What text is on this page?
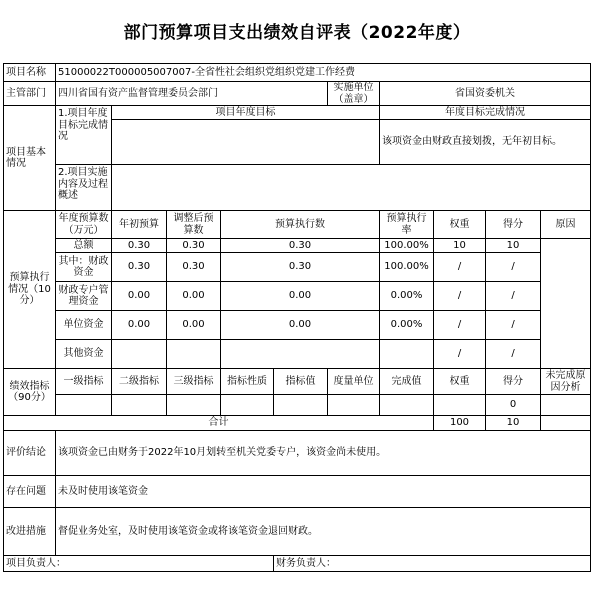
部门预算项目支出绩效自评表（2022年度）
项目名称	51000022T000005007007-全省性社会组织党组织党建工作经费									
主管部门	四川省国有资产监督管理委员会部门					实施单位（盖章）	省国资委机关			
项目基本情况	1.项目年度目标完成情况	项目年度目标					年度目标完成情况			
							该项资金由财政直接划拨，无年初目标。			
	2.项目实施内容及过程概述									
预算执行情况（10分）	年度预算数（万元）	年初预算	调整后预算数	预算执行数			预算执行率	权重	得分	原因
	总额	0.30	0.30	0.30			100.00%	10	10	
	其中：财政资金	0.30	0.30	0.30			100.00%	/	/	
	财政专户管理资金	0.00	0.00	0.00			0.00%	/	/	
	单位资金	0.00	0.00	0.00			0.00%	/	/	
	其他资金							/	/	
绩效指标（90分）	一级指标	二级指标	三级指标	指标性质	指标值	度量单位	完成值	权重	得分	未完成原因分析
									0	
合计								100	10	
评价结论	该项资金已由财务于2022年10月划转至机关党委专户，该资金尚未使用。									
存在问题	未及时使用该笔资金									
改进措施	督促业务处室，及时使用该笔资金或将该笔资金退回财政。									
项目负责人：					财务负责人：					
